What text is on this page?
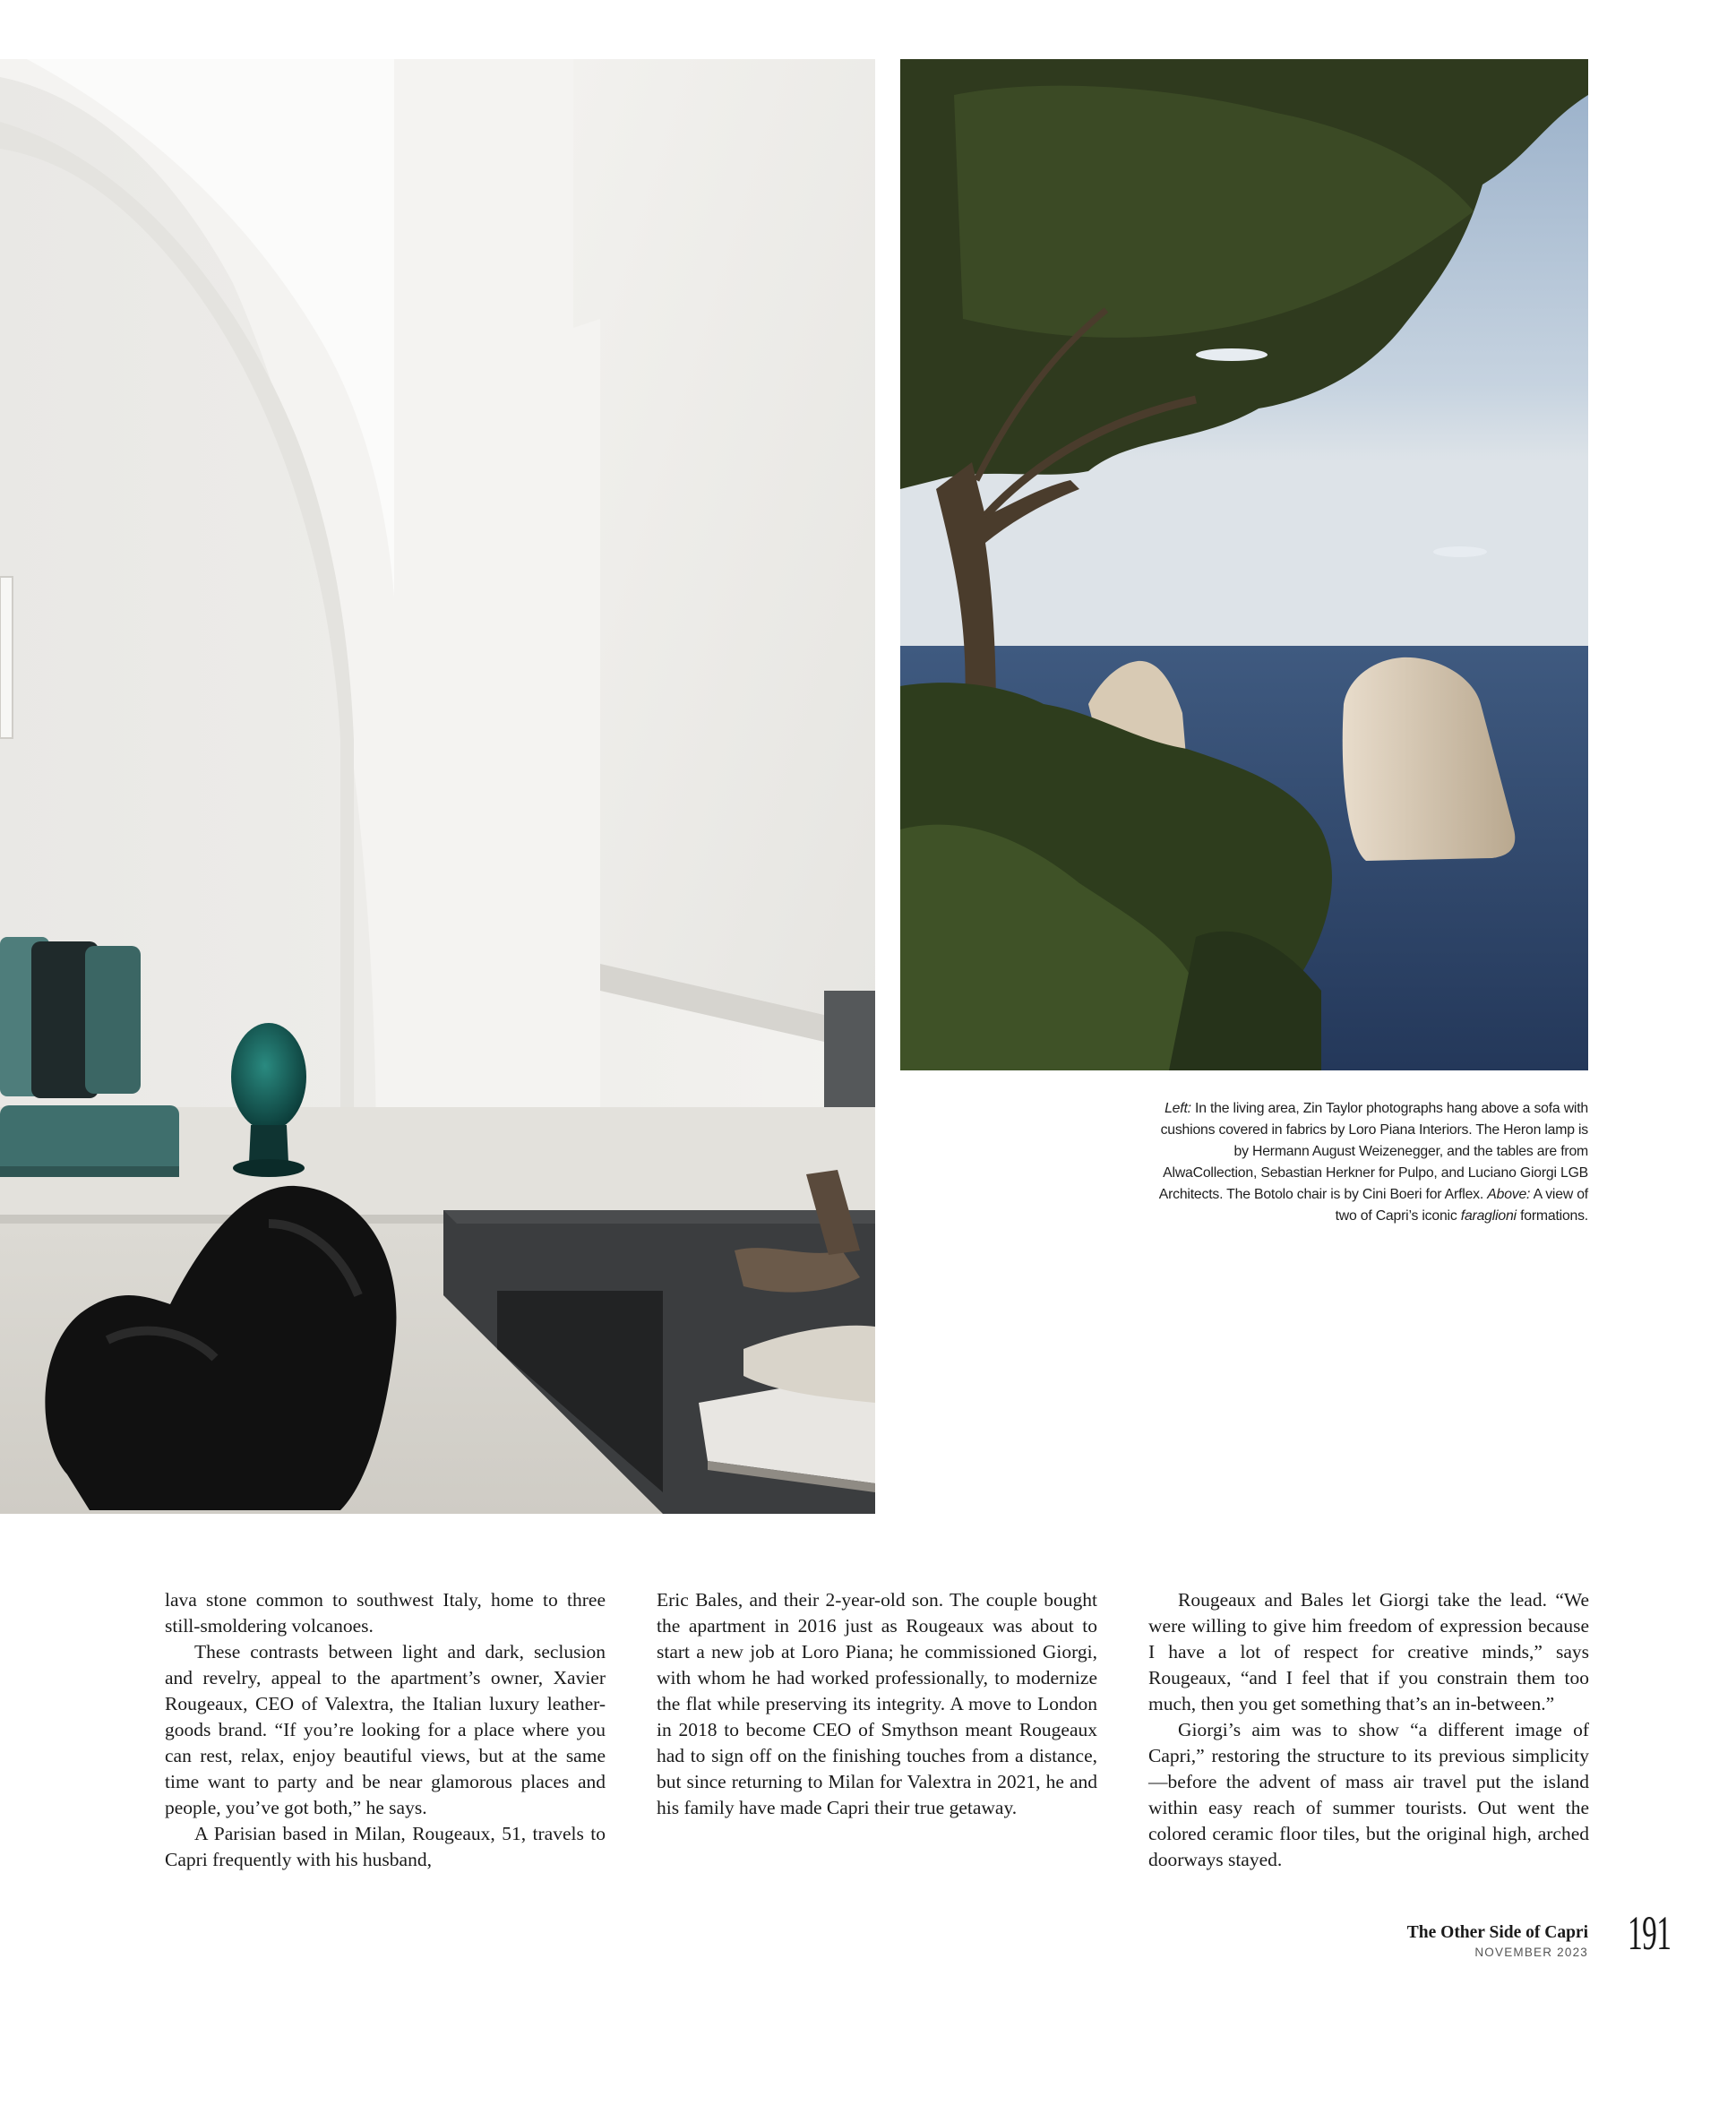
Left: In the living area, Zin Taylor photographs hang above a sofa with cushions covered in fabrics by Loro Piana Interiors. The Heron lamp is by Hermann August Weizenegger, and the tables are from AlwaCollection, Sebastian Herkner for Pulpo, and Luciano Giorgi LGB Architects. The Botolo chair is by Cini Boeri for Arflex. Above: A view of two of Capri’s iconic faraglioni formations.

lava stone common to southwest Italy, home to three still-smoldering volcanoes.

These contrasts between light and dark, seclusion and revelry, appeal to the apartment’s owner, Xavier Rougeaux, CEO of Valextra, the Italian luxury leather-goods brand. “If you’re looking for a place where you can rest, relax, enjoy beautiful views, but at the same time want to party and be near glamorous places and people, you’ve got both,” he says.

A Parisian based in Milan, Rougeaux, 51, travels to Capri frequently with his husband,

Eric Bales, and their 2-year-old son. The couple bought the apartment in 2016 just as Rougeaux was about to start a new job at Loro Piana; he commissioned Giorgi, with whom he had worked professionally, to modernize the flat while preserving its integrity. A move to London in 2018 to become CEO of Smythson meant Rougeaux had to sign off on the finishing touches from a distance, but since returning to Milan for Valextra in 2021, he and his family have made Capri their true getaway.

Rougeaux and Bales let Giorgi take the lead. “We were willing to give him freedom of expression because I have a lot of respect for creative minds,” says Rougeaux, “and I feel that if you constrain them too much, then you get something that’s an in-between.”

Giorgi’s aim was to show “a different image of Capri,” restoring the structure to its previous simplicity—before the advent of mass air travel put the island within easy reach of summer tourists. Out went the colored ceramic floor tiles, but the original high, arched doorways stayed.

The Other Side of Capri
NOVEMBER 2023 191
